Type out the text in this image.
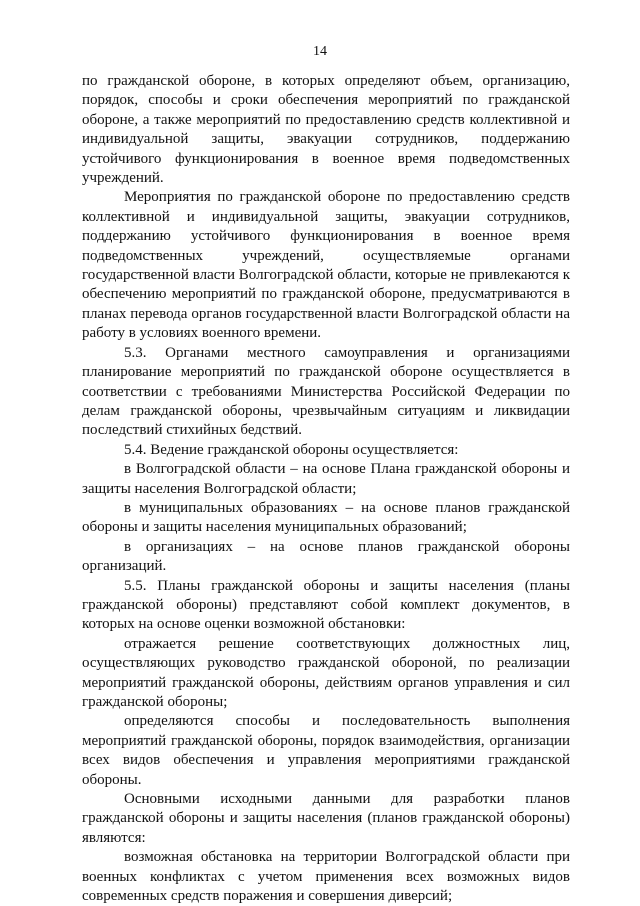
14

по гражданской обороне, в которых определяют объем, организацию, порядок, способы и сроки обеспечения мероприятий по гражданской обороне, а также мероприятий по предоставлению средств коллективной и индивидуальной защиты, эвакуации сотрудников, поддержанию устойчивого функционирования в военное время подведомственных учреждений.

Мероприятия по гражданской обороне по предоставлению средств коллективной и индивидуальной защиты, эвакуации сотрудников, поддержанию устойчивого функционирования в военное время подведомственных учреждений, осуществляемые органами государственной власти Волгоградской области, которые не привлекаются к обеспечению мероприятий по гражданской обороне, предусматриваются в планах перевода органов государственной власти Волгоградской области на работу в условиях военного времени.

5.3. Органами местного самоуправления и организациями планирование мероприятий по гражданской обороне осуществляется в соответствии с требованиями Министерства Российской Федерации по делам гражданской обороны, чрезвычайным ситуациям и ликвидации последствий стихийных бедствий.

5.4. Ведение гражданской обороны осуществляется:

в Волгоградской области – на основе Плана гражданской обороны и защиты населения Волгоградской области;

в муниципальных образованиях – на основе планов гражданской обороны и защиты населения муниципальных образований;

в организациях – на основе планов гражданской обороны организаций.

5.5. Планы гражданской обороны и защиты населения (планы гражданской обороны) представляют собой комплект документов, в которых на основе оценки возможной обстановки:

отражается решение соответствующих должностных лиц, осуществляющих руководство гражданской обороной, по реализации мероприятий гражданской обороны, действиям органов управления и сил гражданской обороны;

определяются способы и последовательность выполнения мероприятий гражданской обороны, порядок взаимодействия, организации всех видов обеспечения и управления мероприятиями гражданской обороны.

Основными исходными данными для разработки планов гражданской обороны и защиты населения (планов гражданской обороны) являются:

возможная обстановка на территории Волгоградской области при военных конфликтах с учетом применения всех возможных видов современных средств поражения и совершения диверсий;
